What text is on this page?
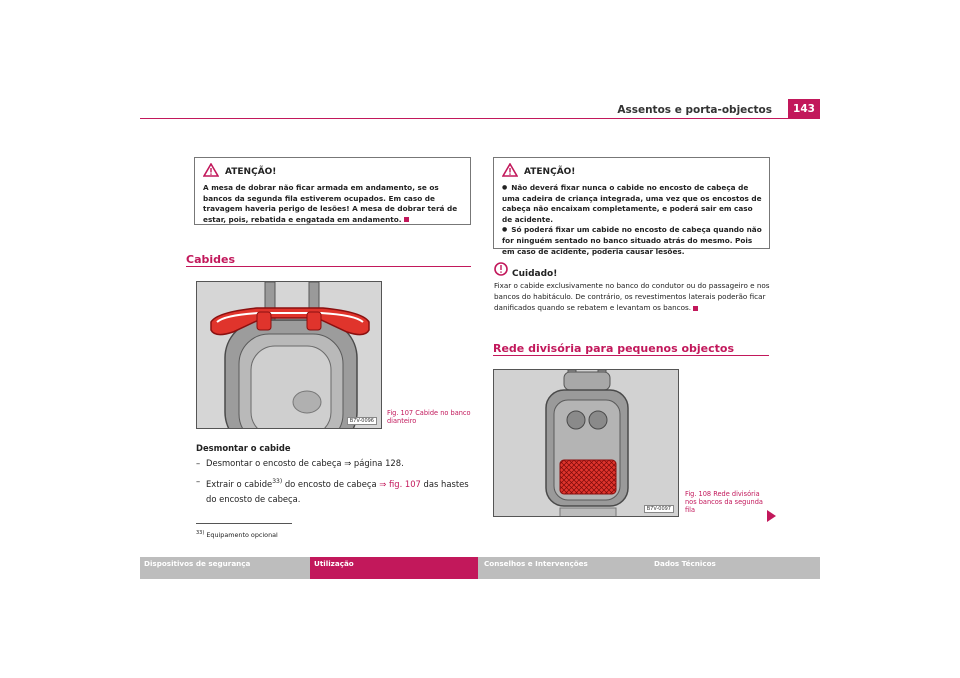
Assentos e porta-objectos	143
ATENÇÃO!
A mesa de dobrar não ficar armada em andamento, se os bancos da segunda fila estiverem ocupados. Em caso de travagem haveria perigo de lesões! A mesa de dobrar terá de estar, pois, rebatida e engatada em andamento.
Cabides
B7V-0096
Fig. 107 Cabide no banco dianteiro
Desmontar o cabide
– Desmontar o encosto de cabeça ⇒ página 128.
– Extrair o cabide$^{33)}$ do encosto de cabeça ⇒ fig. 107 das hastes do encosto de cabeça.
$^{33)}$ Equipamento opcional
ATENÇÃO!
● Não deverá fixar nunca o cabide no encosto de cabeça de uma cadeira de criança integrada, uma vez que os encostos de cabeça não encaixam completamente, e poderá sair em caso de acidente.
● Só poderá fixar um cabide no encosto de cabeça quando não for ninguém sentado no banco situado atrás do mesmo. Pois em caso de acidente, poderia causar lesões.
Cuidado!
Fixar o cabide exclusivamente no banco do condutor ou do passageiro e nos bancos do habitáculo. De contrário, os revestimentos laterais poderão ficar danificados quando se rebatem e levantam os bancos.
Rede divisória para pequenos objectos
B7V-0097
Fig. 108 Rede divisória nos bancos da segunda fila
Dispositivos de segurança	Utilização	Conselhos e Intervenções	Dados Técnicos
